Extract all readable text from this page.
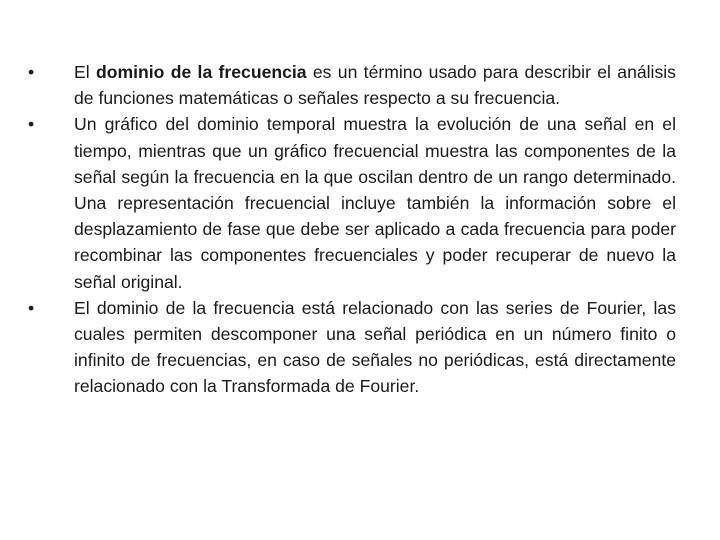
•	El dominio de la frecuencia es un término usado para describir el análisis de funciones matemáticas o señales respecto a su frecuencia.
•	Un gráfico del dominio temporal muestra la evolución de una señal en el tiempo, mientras que un gráfico frecuencial muestra las componentes de la señal según la frecuencia en la que oscilan dentro de un rango determinado. Una representación frecuencial incluye también la información sobre el desplazamiento de fase que debe ser aplicado a cada frecuencia para poder recombinar las componentes frecuenciales y poder recuperar de nuevo la señal original.
•	El dominio de la frecuencia está relacionado con las series de Fourier, las cuales permiten descomponer una señal periódica en un número finito o infinito de frecuencias, en caso de señales no periódicas, está directamente relacionado con la Transformada de Fourier.
